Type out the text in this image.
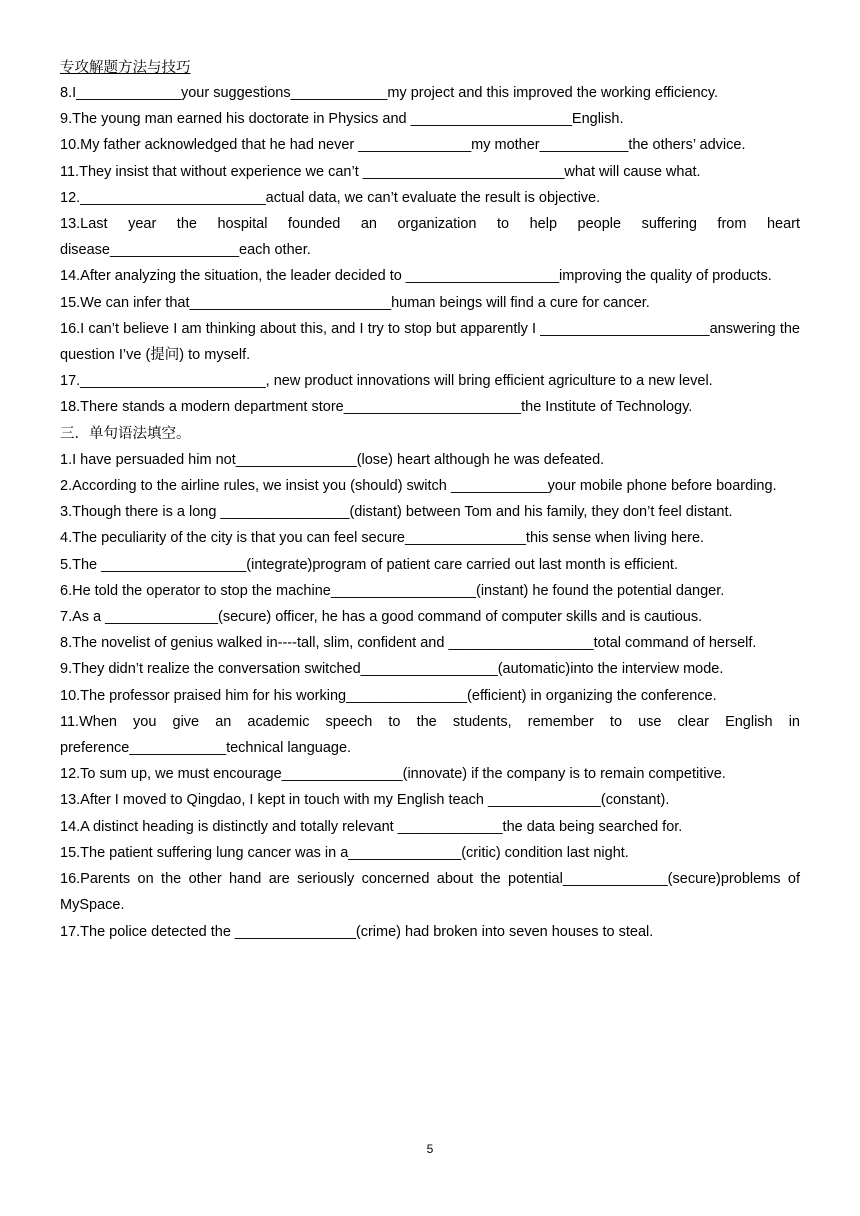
专攻解题方法与技巧
8.I_____________your suggestions____________my project and this improved the working efficiency.
9.The young man earned his doctorate in Physics and ____________________English.
10.My father acknowledged that he had never ______________my mother___________the others’ advice.
11.They insist that without experience we can’t _________________________what will cause what.
12._______________________actual data, we can’t evaluate the result is objective.
13.Last year the hospital founded an organization to help people suffering from heart disease________________each other.
14.After analyzing the situation, the leader decided to ___________________improving the quality of products.
15.We can infer that_________________________human beings will find a cure for cancer.
16.I can’t believe I am thinking about this, and I try to stop but apparently I _____________________answering the question I’ve (提问) to myself.
17._______________________, new product innovations will bring efficient agriculture to a new level.
18.There stands a modern department store______________________the Institute of Technology.
三．单句语法填空。
1.I have persuaded him not_______________(lose) heart although he was defeated.
2.According to the airline rules, we insist you (should) switch ____________your mobile phone before boarding.
3.Though there is a long ________________(distant) between Tom and his family, they don’t feel distant.
4.The peculiarity of the city is that you can feel secure_______________this sense when living here.
5.The __________________(integrate)program of patient care carried out last month is efficient.
6.He told the operator to stop the machine__________________(instant) he found the potential danger.
7.As a ______________(secure) officer, he has a good command of computer skills and is cautious.
8.The novelist of genius walked in----tall, slim, confident and __________________total command of herself.
9.They didn’t realize the conversation switched_________________(automatic)into the interview mode.
10.The professor praised him for his working_______________(efficient) in organizing the conference.
11.When you give an academic speech to the students, remember to use clear English in preference____________technical language.
12.To sum up, we must encourage_______________(innovate) if the company is to remain competitive.
13.After I moved to Qingdao, I kept in touch with my English teach ______________(constant).
14.A distinct heading is distinctly and totally relevant _____________the data being searched for.
15.The patient suffering lung cancer was in a______________(critic) condition last night.
16.Parents on the other hand are seriously concerned about the potential_____________(secure)problems of MySpace.
17.The police detected the _______________(crime) had broken into seven houses to steal.
5
